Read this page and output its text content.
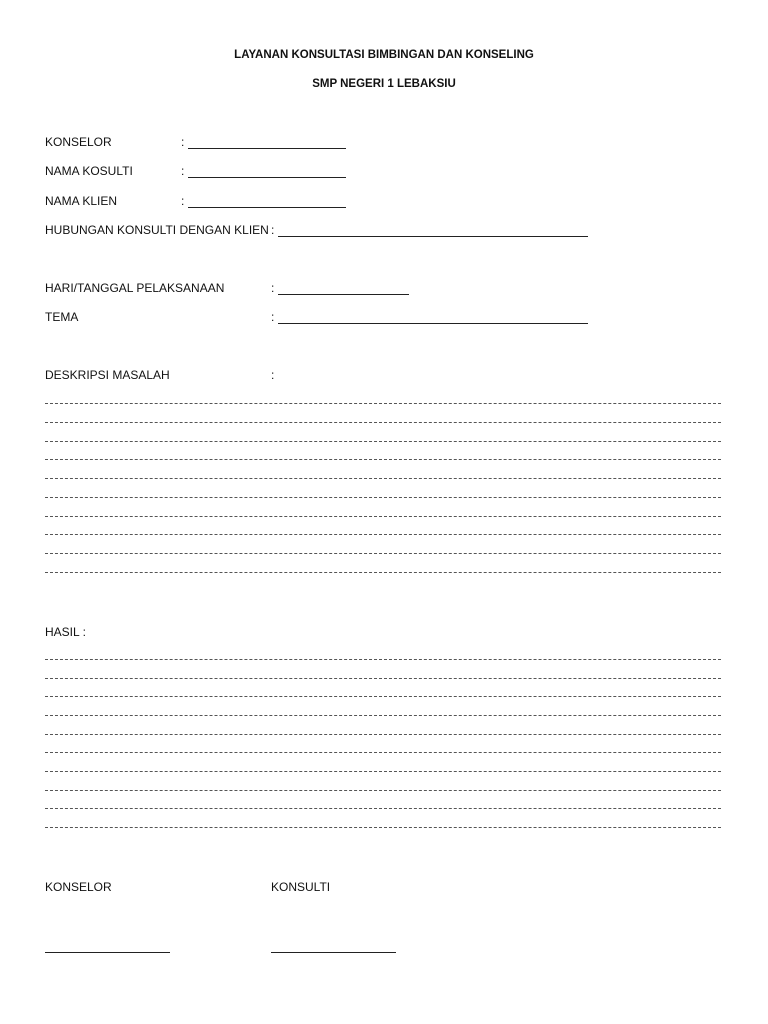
LAYANAN KONSULTASI BIMBINGAN DAN KONSELING
SMP NEGERI 1 LEBAKSIU
KONSELOR	:
NAMA KOSULTI	:
NAMA KLIEN	:
HUBUNGAN KONSULTI DENGAN KLIEN :
HARI/TANGGAL PELAKSANAAN	:
TEMA	:
DESKRIPSI MASALAH	:
HASIL :
KONSELOR	KONSULTI
